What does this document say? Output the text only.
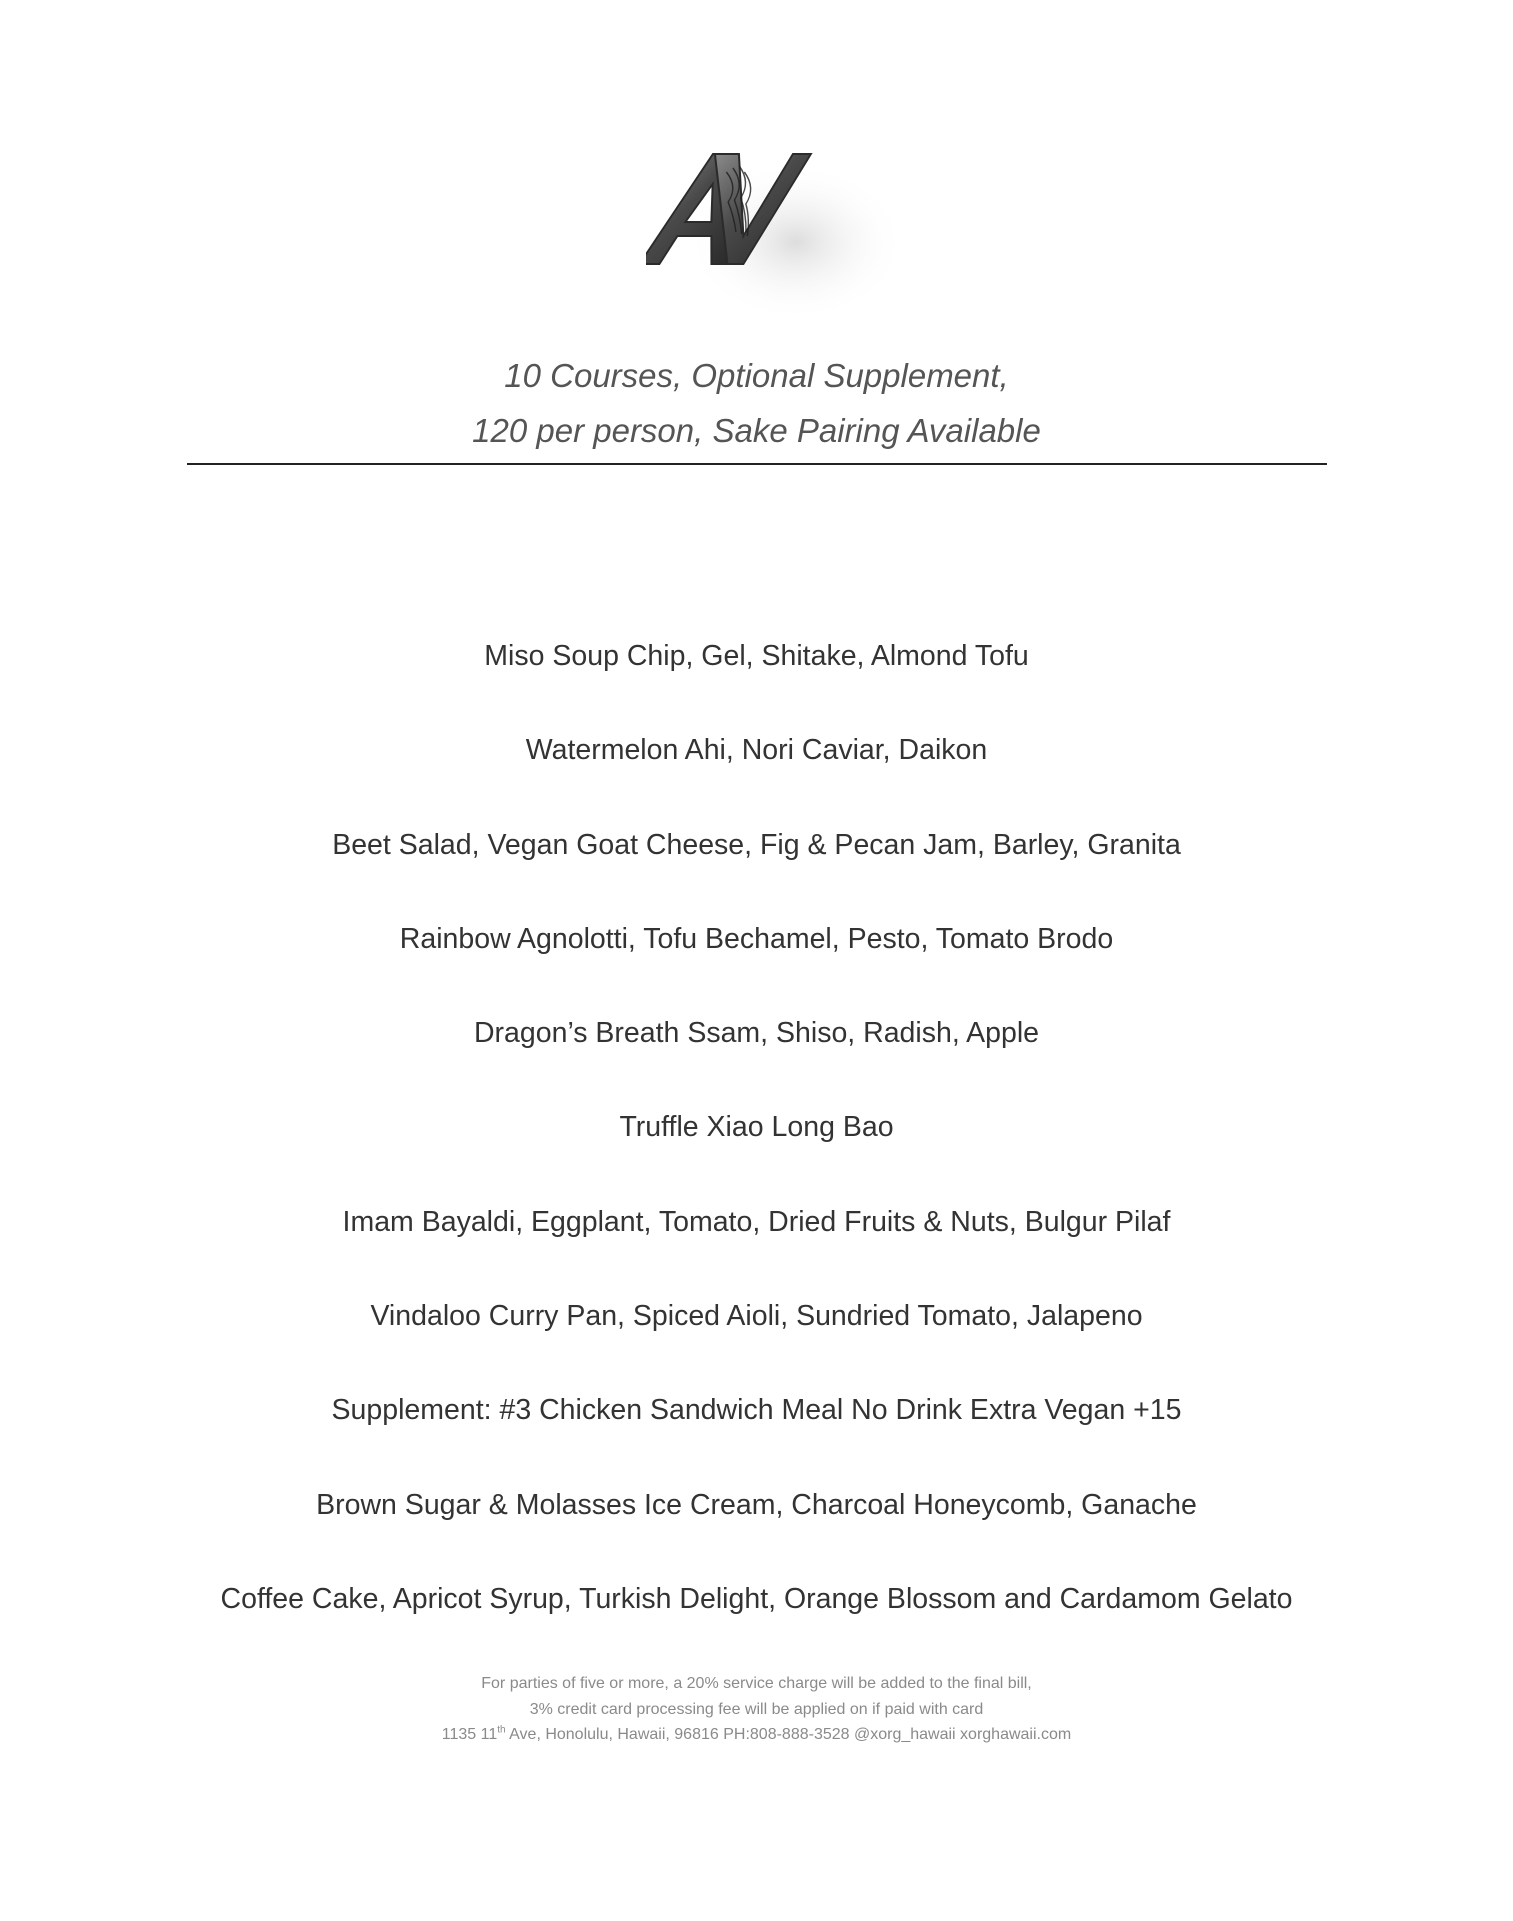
10 Courses, Optional Supplement,
120 per person, Sake Pairing Available
Miso Soup Chip, Gel, Shitake, Almond Tofu
Watermelon Ahi, Nori Caviar, Daikon
Beet Salad, Vegan Goat Cheese, Fig & Pecan Jam, Barley, Granita
Rainbow Agnolotti, Tofu Bechamel, Pesto, Tomato Brodo
Dragon’s Breath Ssam, Shiso, Radish, Apple
Truffle Xiao Long Bao
Imam Bayaldi, Eggplant, Tomato, Dried Fruits & Nuts, Bulgur Pilaf
Vindaloo Curry Pan, Spiced Aioli, Sundried Tomato, Jalapeno
Supplement: #3 Chicken Sandwich Meal No Drink Extra Vegan +15
Brown Sugar & Molasses Ice Cream, Charcoal Honeycomb, Ganache
Coffee Cake, Apricot Syrup, Turkish Delight, Orange Blossom and Cardamom Gelato
For parties of five or more, a 20% service charge will be added to the final bill,
3% credit card processing fee will be applied on if paid with card
1135 11th Ave, Honolulu, Hawaii, 96816 PH:808-888-3528 @xorg_hawaii xorghawaii.com
